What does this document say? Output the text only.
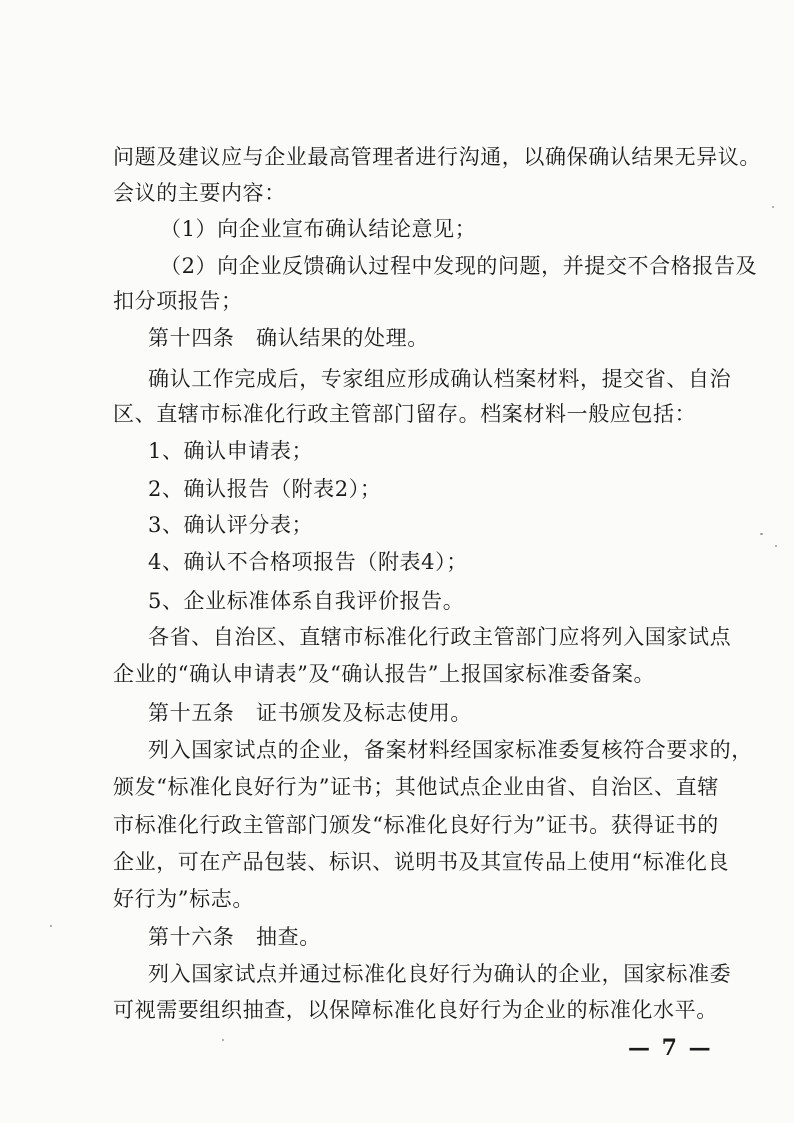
问题及建议应与企业最高管理者进行沟通，以确保确认结果无异议。
会议的主要内容：
（1）向企业宣布确认结论意见；
（2）向企业反馈确认过程中发现的问题，并提交不合格报告及
扣分项报告；
第十四条　确认结果的处理。
确认工作完成后，专家组应形成确认档案材料，提交省、自治
区、直辖市标准化行政主管部门留存。档案材料一般应包括：
1、确认申请表；
2、确认报告（附表2）；
3、确认评分表；
4、确认不合格项报告（附表4）；
5、企业标准体系自我评价报告。
各省、自治区、直辖市标准化行政主管部门应将列入国家试点
企业的“确认申请表”及“确认报告”上报国家标准委备案。
第十五条　证书颁发及标志使用。
列入国家试点的企业，备案材料经国家标准委复核符合要求的，
颁发“标准化良好行为”证书；其他试点企业由省、自治区、直辖
市标准化行政主管部门颁发“标准化良好行为”证书。获得证书的
企业，可在产品包装、标识、说明书及其宣传品上使用“标准化良
好行为”标志。
第十六条　抽查。
列入国家试点并通过标准化良好行为确认的企业，国家标准委
可视需要组织抽查，以保障标准化良好行为企业的标准化水平。
— 7 —
